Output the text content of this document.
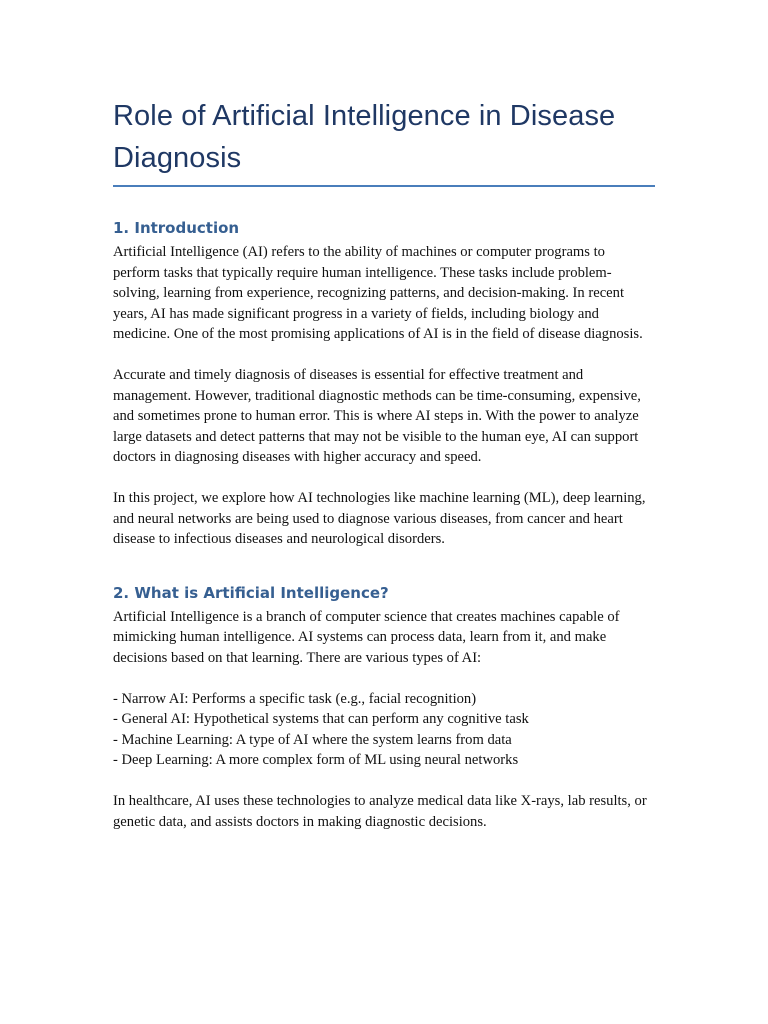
Role of Artificial Intelligence in Disease Diagnosis
1. Introduction

Artificial Intelligence (AI) refers to the ability of machines or computer programs to perform tasks that typically require human intelligence. These tasks include problem-solving, learning from experience, recognizing patterns, and decision-making. In recent years, AI has made significant progress in a variety of fields, including biology and medicine. One of the most promising applications of AI is in the field of disease diagnosis.

Accurate and timely diagnosis of diseases is essential for effective treatment and management. However, traditional diagnostic methods can be time-consuming, expensive, and sometimes prone to human error. This is where AI steps in. With the power to analyze large datasets and detect patterns that may not be visible to the human eye, AI can support doctors in diagnosing diseases with higher accuracy and speed.

In this project, we explore how AI technologies like machine learning (ML), deep learning, and neural networks are being used to diagnose various diseases, from cancer and heart disease to infectious diseases and neurological disorders.

2. What is Artificial Intelligence?

Artificial Intelligence is a branch of computer science that creates machines capable of mimicking human intelligence. AI systems can process data, learn from it, and make decisions based on that learning. There are various types of AI:

- Narrow AI: Performs a specific task (e.g., facial recognition)
- General AI: Hypothetical systems that can perform any cognitive task
- Machine Learning: A type of AI where the system learns from data
- Deep Learning: A more complex form of ML using neural networks

In healthcare, AI uses these technologies to analyze medical data like X-rays, lab results, or genetic data, and assists doctors in making diagnostic decisions.
